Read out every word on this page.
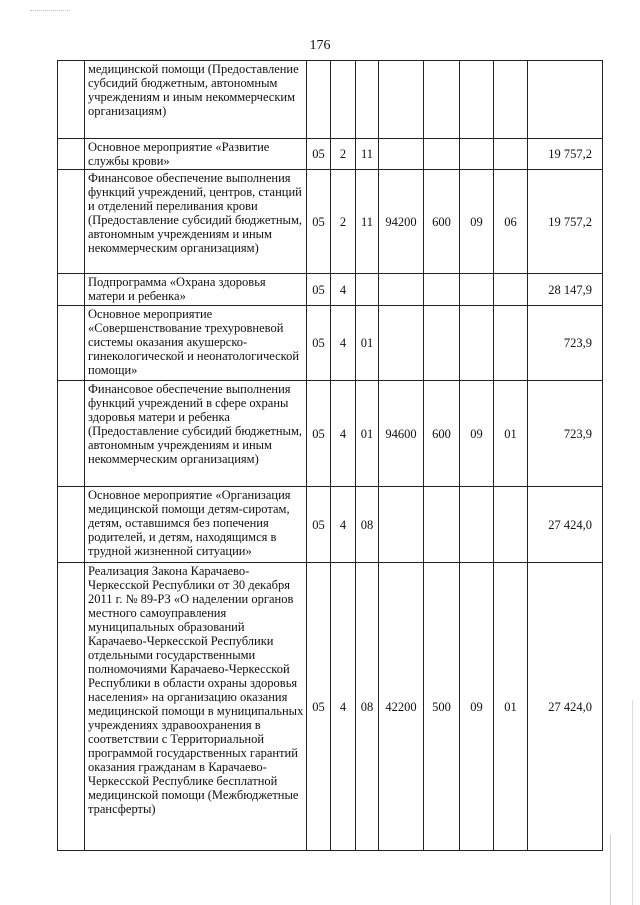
176
	медицинской помощи (Предоставление субсидий бюджетным, автономным учреждениям и иным некоммерческим организациям)								
	Основное мероприятие «Развитие службы крови»	05	2	11					19 757,2
	Финансовое обеспечение выполнения функций учреждений, центров, станций и отделений переливания крови (Предоставление субсидий бюджетным, автономным учреждениям и иным некоммерческим организациям)	05	2	11	94200	600	09	06	19 757,2
	Подпрограмма «Охрана здоровья матери и ребенка»	05	4						28 147,9
	Основное мероприятие «Совершенствование трехуровневой системы оказания акушерско-гинекологической и неонатологической помощи»	05	4	01					723,9
	Финансовое обеспечение выполнения функций учреждений в сфере охраны здоровья матери и ребенка (Предоставление субсидий бюджетным, автономным учреждениям и иным некоммерческим организациям)	05	4	01	94600	600	09	01	723,9
	Основное мероприятие «Организация медицинской помощи детям-сиротам, детям, оставшимся без попечения родителей, и детям, находящимся в трудной жизненной ситуации»	05	4	08					27 424,0
	Реализация Закона Карачаево-Черкесской Республики от 30 декабря 2011 г. № 89-РЗ «О наделении органов местного самоуправления муниципальных образований Карачаево-Черкесской Республики отдельными государственными полномочиями Карачаево-Черкесской Республики в области охраны здоровья населения» на организацию оказания медицинской помощи в муниципальных учреждениях здравоохранения в соответствии с Территориальной программой государственных гарантий оказания гражданам в Карачаево-Черкесской Республике бесплатной медицинской помощи (Межбюджетные трансферты)	05	4	08	42200	500	09	01	27 424,0
